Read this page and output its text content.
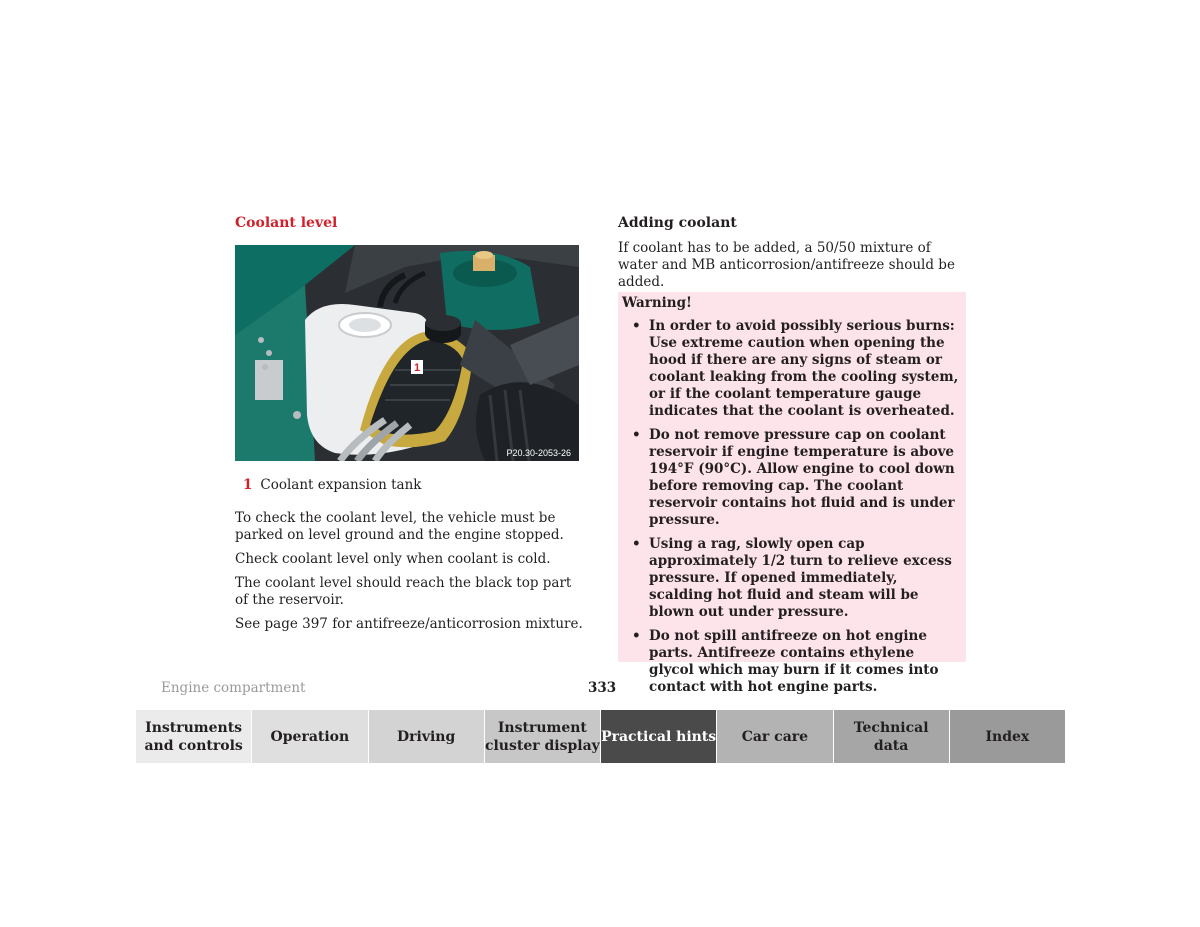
Coolant level
1
P20.30-2053-26
1 Coolant expansion tank

To check the coolant level, the vehicle must be parked on level ground and the engine stopped.

Check coolant level only when coolant is cold.

The coolant level should reach the black top part of the reservoir.

See page 397 for antifreeze/anticorrosion mixture.

Adding coolant

If coolant has to be added, a 50/50 mixture of water and MB anticorrosion/antifreeze should be added.

Warning!
• In order to avoid possibly serious burns: Use extreme caution when opening the hood if there are any signs of steam or coolant leaking from the cooling system, or if the coolant temperature gauge indicates that the coolant is overheated.
• Do not remove pressure cap on coolant reservoir if engine temperature is above 194°F (90°C). Allow engine to cool down before removing cap. The coolant reservoir contains hot fluid and is under pressure.
• Using a rag, slowly open cap approximately 1/2 turn to relieve excess pressure. If opened immediately, scalding hot fluid and steam will be blown out under pressure.
• Do not spill antifreeze on hot engine parts. Antifreeze contains ethylene glycol which may burn if it comes into contact with hot engine parts.
Engine compartment	333
Instruments
and controls
Operation	Driving
Instrument
cluster display
Practical hints Car care
Technical
data
Index
